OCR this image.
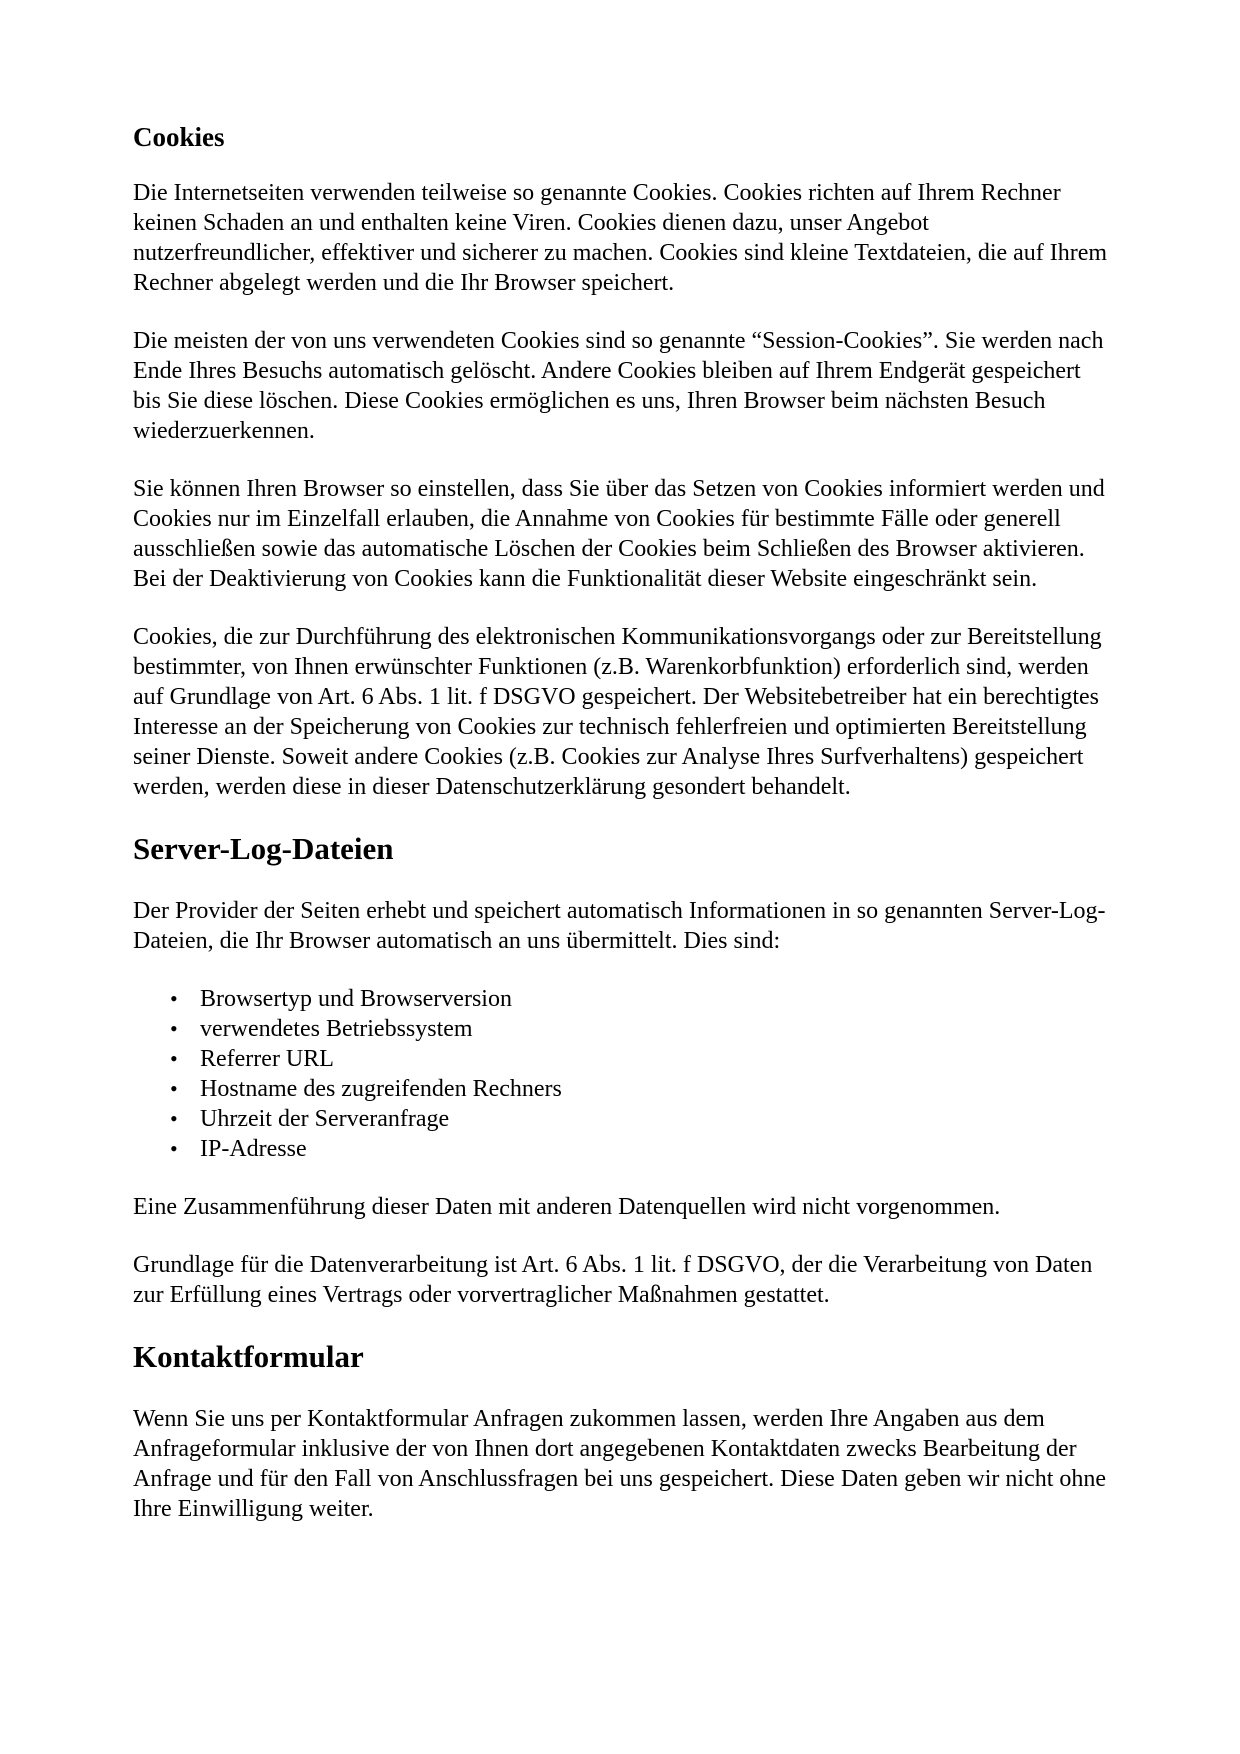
Cookies

Die Internetseiten verwenden teilweise so genannte Cookies. Cookies richten auf Ihrem Rechner keinen Schaden an und enthalten keine Viren. Cookies dienen dazu, unser Angebot nutzerfreundlicher, effektiver und sicherer zu machen. Cookies sind kleine Textdateien, die auf Ihrem Rechner abgelegt werden und die Ihr Browser speichert.

Die meisten der von uns verwendeten Cookies sind so genannte “Session-Cookies”. Sie werden nach Ende Ihres Besuchs automatisch gelöscht. Andere Cookies bleiben auf Ihrem Endgerät gespeichert bis Sie diese löschen. Diese Cookies ermöglichen es uns, Ihren Browser beim nächsten Besuch wiederzuerkennen.

Sie können Ihren Browser so einstellen, dass Sie über das Setzen von Cookies informiert werden und Cookies nur im Einzelfall erlauben, die Annahme von Cookies für bestimmte Fälle oder generell ausschließen sowie das automatische Löschen der Cookies beim Schließen des Browser aktivieren. Bei der Deaktivierung von Cookies kann die Funktionalität dieser Website eingeschränkt sein.

Cookies, die zur Durchführung des elektronischen Kommunikationsvorgangs oder zur Bereitstellung bestimmter, von Ihnen erwünschter Funktionen (z.B. Warenkorbfunktion) erforderlich sind, werden auf Grundlage von Art. 6 Abs. 1 lit. f DSGVO gespeichert. Der Websitebetreiber hat ein berechtigtes Interesse an der Speicherung von Cookies zur technisch fehlerfreien und optimierten Bereitstellung seiner Dienste. Soweit andere Cookies (z.B. Cookies zur Analyse Ihres Surfverhaltens) gespeichert werden, werden diese in dieser Datenschutzerklärung gesondert behandelt.

Server-Log-Dateien

Der Provider der Seiten erhebt und speichert automatisch Informationen in so genannten Server-Log-Dateien, die Ihr Browser automatisch an uns übermittelt. Dies sind:

• Browsertyp und Browserversion
• verwendetes Betriebssystem
• Referrer URL
• Hostname des zugreifenden Rechners
• Uhrzeit der Serveranfrage
• IP-Adresse

Eine Zusammenführung dieser Daten mit anderen Datenquellen wird nicht vorgenommen.

Grundlage für die Datenverarbeitung ist Art. 6 Abs. 1 lit. f DSGVO, der die Verarbeitung von Daten zur Erfüllung eines Vertrags oder vorvertraglicher Maßnahmen gestattet.

Kontaktformular

Wenn Sie uns per Kontaktformular Anfragen zukommen lassen, werden Ihre Angaben aus dem Anfrageformular inklusive der von Ihnen dort angegebenen Kontaktdaten zwecks Bearbeitung der Anfrage und für den Fall von Anschlussfragen bei uns gespeichert. Diese Daten geben wir nicht ohne Ihre Einwilligung weiter.
